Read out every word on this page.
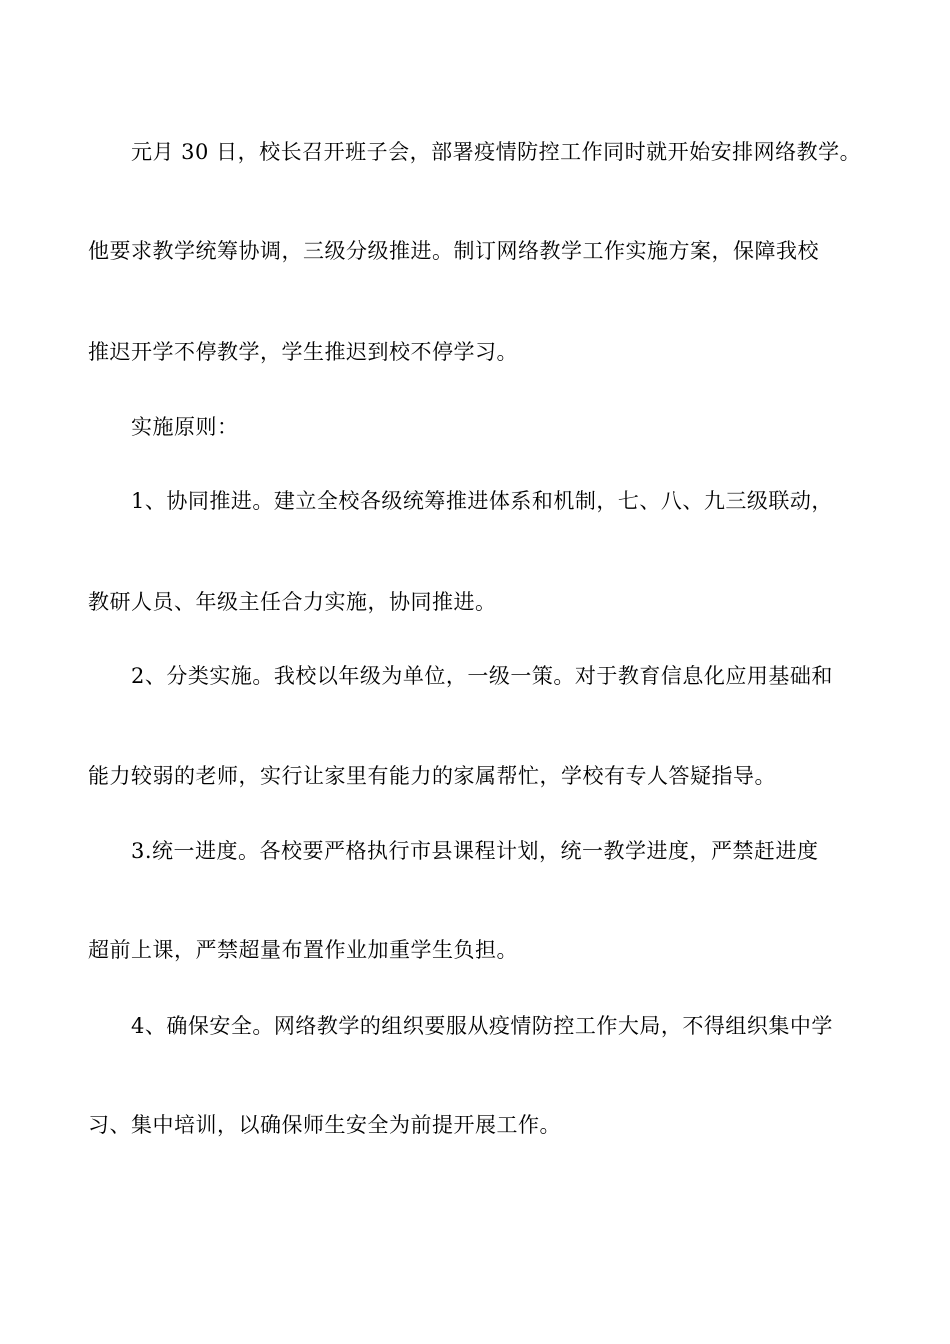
元月 30 日，校长召开班子会，部署疫情防控工作同时就开始安排网络教学。
他要求教学统筹协调，三级分级推进。制订网络教学工作实施方案，保障我校
推迟开学不停教学，学生推迟到校不停学习。
实施原则：
1、协同推进。建立全校各级统筹推进体系和机制，七、八、九三级联动，
教研人员、年级主任合力实施，协同推进。
2、分类实施。我校以年级为单位，一级一策。对于教育信息化应用基础和
能力较弱的老师，实行让家里有能力的家属帮忙，学校有专人答疑指导。
3.统一进度。各校要严格执行市县课程计划，统一教学进度，严禁赶进度
超前上课，严禁超量布置作业加重学生负担。
4、确保安全。网络教学的组织要服从疫情防控工作大局，不得组织集中学
习、集中培训，以确保师生安全为前提开展工作。
